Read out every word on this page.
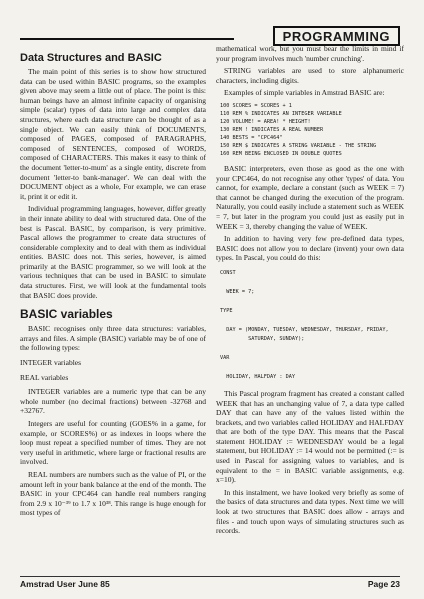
PROGRAMMING
Data Structures and BASIC

The main point of this series is to show how structured data can be used within BASIC programs, so the examples given above may seem a little out of place. The point is this: human beings have an almost infinite capacity of organising simple (scalar) types of data into large and complex data structures, where each data structure can be thought of as a single object. We can easily think of DOCUMENTS, composed of PAGES, composed of PARAGRAPHS, composed of SENTENCES, composed of WORDS, composed of CHARACTERS. This makes it easy to think of the document 'letter-to-mum' as a single entity, discrete from document 'letter-to bank-manager'. We can deal with the DOCUMENT object as a whole, For example, we can erase it, print it or edit it.

Individual programming languages, however, differ greatly in their innate ability to deal with structured data. One of the best is Pascal. BASIC, by comparison, is very primitive. Pascal allows the programmer to create data structures of considerable complexity and to deal with them as individual entities. BASIC does not. This series, however, is aimed primarily at the BASIC programmer, so we will look at the various techniques that can be used in BASIC to simulate data structures. First, we will look at the fundamental tools that BASIC does provide.

BASIC variables

BASIC recognises only three data structures: variables, arrays and files. A simple (BASIC) variable may be of one of the following types:

INTEGER variables

REAL variables

INTEGER variables are a numeric type that can be any whole number (no decimal fractions) between -32768 and +32767.

Integers are useful for counting (GOES% in a game, for example, or SCORES%) or as indexes in loops where the loop must repeat a specified number of times. They are not very useful in arithmetic, where large or fractional results are involved.

REAL numbers are numbers such as the value of PI, or the amount left in your bank balance at the end of the month. The BASIC in your CPC464 can handle real numbers ranging from 2.9 x 10⁻³⁹ to 1.7 x 10³⁸. This range is huge enough for most types of

mathematical work, but you must bear the limits in mind if your program involves much 'number crunching'.

STRING variables are used to store alphanumeric characters, including digits.

Examples of simple variables in Amstrad BASIC are:

100 SCORES = SCORES + 1
110 REM % INDICATES AN INTEGER VARIABLE
120 VOLUME! = AREA! * HEIGHT!
130 REM ! INDICATES A REAL NUMBER
140 BESTS = "CPC464"
150 REM $ INDICATES A STRING VARIABLE - THE STRING
160 REM BEING ENCLOSED IN DOUBLE QUOTES

BASIC interpreters, even those as good as the one with your CPC464, do not recognise any other 'types' of data. You cannot, for example, declare a constant (such as WEEK = 7) that cannot be changed during the execution of the program. Naturally, you could easily include a statement such as WEEK = 7, but later in the program you could just as easily put in WEEK = 3, thereby changing the value of WEEK.

In addition to having very few pre-defined data types, BASIC does not allow you to declare (invent) your own data types. In Pascal, you could do this:

CONST

WEEK = 7;

TYPE

DAY = (MONDAY, TUESDAY, WEDNESDAY, THURSDAY, FRIDAY,
SATURDAY, SUNDAY);

VAR

HOLIDAY, HALFDAY : DAY

This Pascal program fragment has created a constant called WEEK that has an unchanging value of 7, a data type called DAY that can have any of the values listed within the brackets, and two variables called HOLIDAY and HALFDAY that are both of the type DAY. This means that the Pascal statement HOLIDAY := WEDNESDAY would be a legal statement, but HOLIDAY := 14 would not be permitted (:= is used in Pascal for assigning values to variables, and is equivalent to the = in BASIC variable assignments, e.g. x=10).

In this instalment, we have looked very briefly as some of the basics of data structures and data types. Next time we will look at two structures that BASIC does allow - arrays and files - and touch upon ways of simulating structures such as records.

Amstrad User June 85	Page 23
